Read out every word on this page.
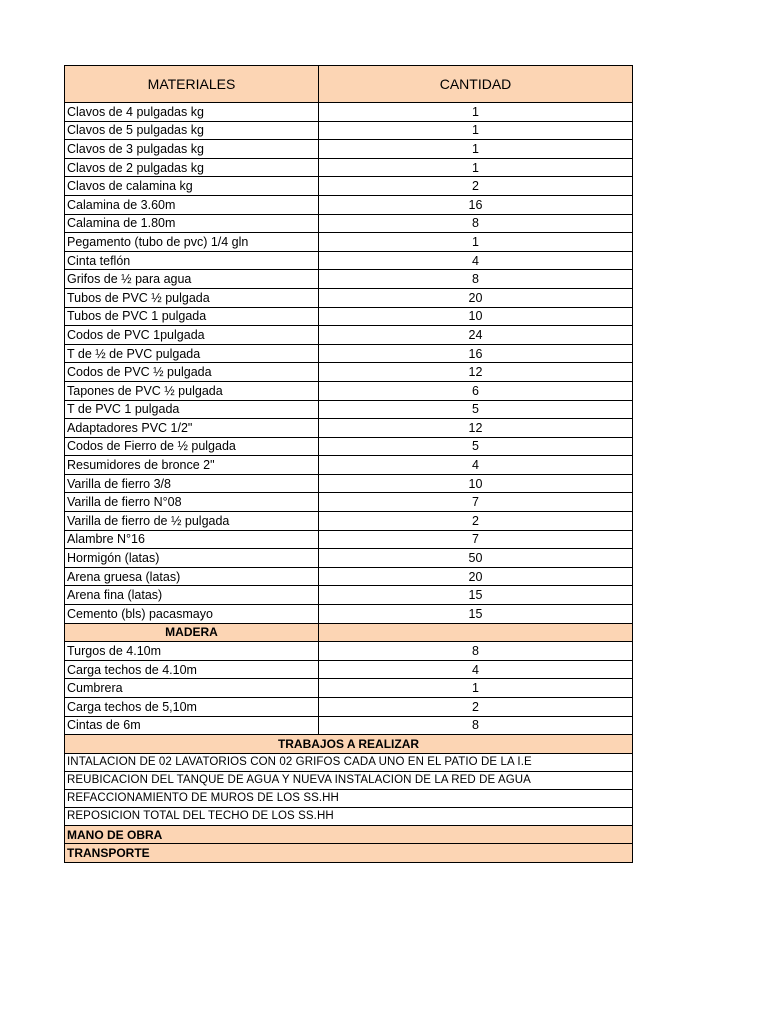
MATERIALES	CANTIDAD
Clavos de 4 pulgadas kg	1
Clavos de 5 pulgadas kg	1
Clavos de 3 pulgadas kg	1
Clavos de 2 pulgadas kg	1
Clavos de calamina kg	2
Calamina de 3.60m	16
Calamina de 1.80m	8
Pegamento (tubo de pvc) 1/4 gln	1
Cinta teflón	4
Grifos de ½ para agua	8
Tubos de PVC ½ pulgada	20
Tubos de PVC 1 pulgada	10
Codos de PVC 1pulgada	24
T de ½ de PVC pulgada	16
Codos de PVC ½ pulgada	12
Tapones de PVC ½ pulgada	6
T de PVC 1 pulgada	5
Adaptadores PVC 1/2"	12
Codos de Fierro de ½ pulgada	5
Resumidores de bronce 2"	4
Varilla de fierro 3/8	10
Varilla de fierro N°08	7
Varilla de fierro de ½ pulgada	2
Alambre N°16	7
Hormigón (latas)	50
Arena gruesa (latas)	20
Arena fina (latas)	15
Cemento (bls) pacasmayo	15
MADERA	
Turgos de 4.10m	8
Carga techos de 4.10m	4
Cumbrera	1
Carga techos de 5,10m	2
Cintas de 6m	8
TRABAJOS A REALIZAR	
INTALACION DE 02 LAVATORIOS CON 02 GRIFOS CADA UNO EN EL PATIO DE LA I.E	
REUBICACION DEL TANQUE DE AGUA Y NUEVA INSTALACION DE LA RED DE AGUA	
REFACCIONAMIENTO DE MUROS DE LOS SS.HH	
REPOSICION TOTAL DEL TECHO DE LOS SS.HH	
MANO DE OBRA	
TRANSPORTE	
